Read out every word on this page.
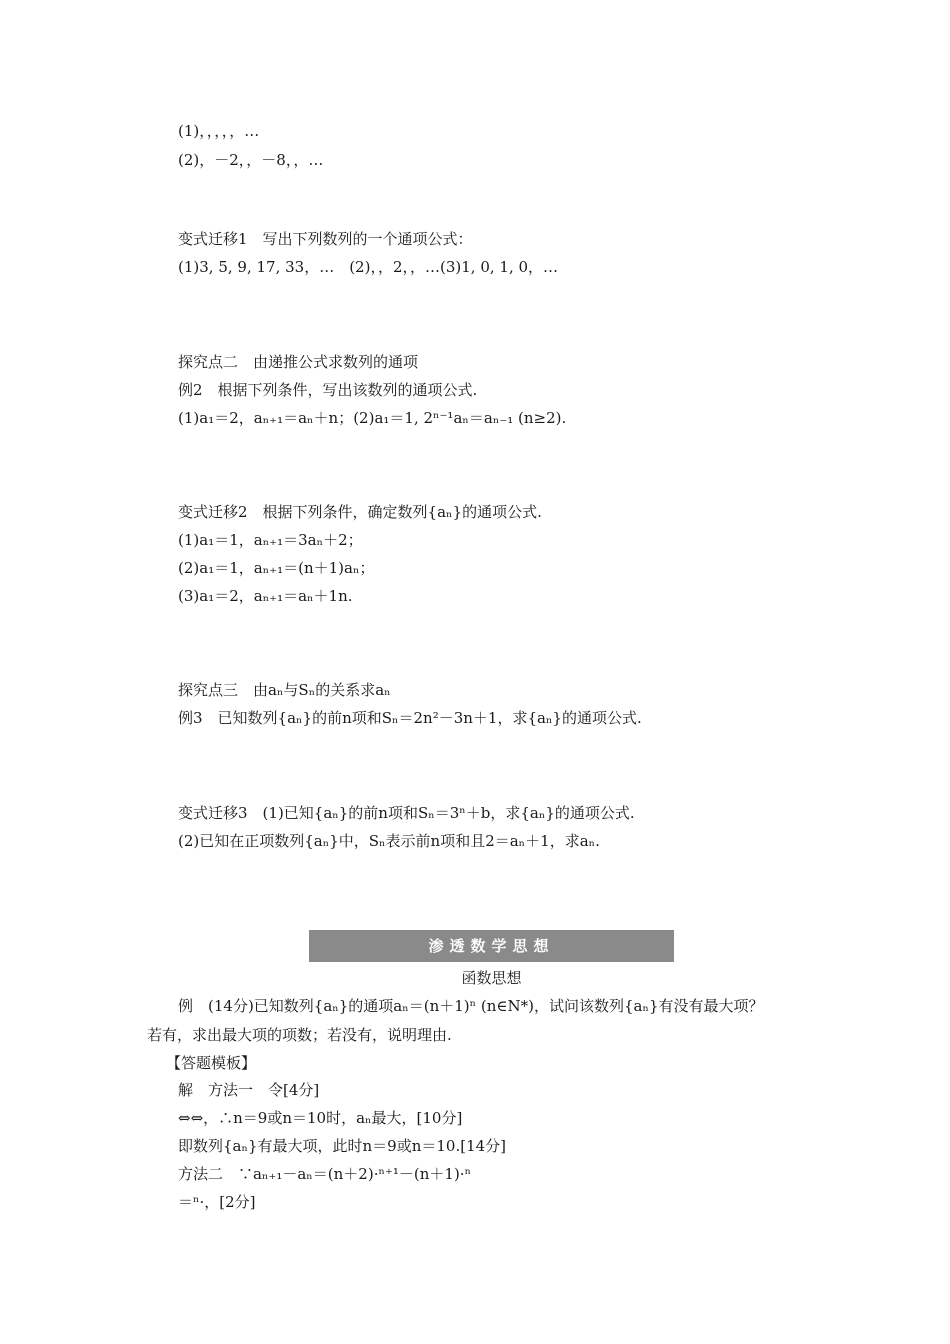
(1)，，，，，…
(2)，－2，，－8，，…
变式迁移1　写出下列数列的一个通项公式：
(1)3, 5, 9, 17, 33，…　(2)，，2，，…(3)1, 0, 1, 0，…
探究点二　由递推公式求数列的通项
例2　根据下列条件，写出该数列的通项公式.
(1)a₁＝2，aₙ₊₁＝aₙ＋n；(2)a₁＝1, 2ⁿ⁻¹aₙ＝aₙ₋₁ (n≥2).
变式迁移2　根据下列条件，确定数列{aₙ}的通项公式.
(1)a₁＝1，aₙ₊₁＝3aₙ＋2；
(2)a₁＝1，aₙ₊₁＝(n＋1)aₙ；
(3)a₁＝2，aₙ₊₁＝aₙ＋1n.
探究点三　由aₙ与Sₙ的关系求aₙ
例3　已知数列{aₙ}的前n项和Sₙ＝2n²－3n＋1，求{aₙ}的通项公式.
变式迁移3　(1)已知{aₙ}的前n项和Sₙ＝3ⁿ＋b，求{aₙ}的通项公式.
(2)已知在正项数列{aₙ}中，Sₙ表示前n项和且2＝aₙ＋1，求aₙ.
渗透数学思想
函数思想
例　(14分)已知数列{aₙ}的通项aₙ＝(n＋1)ⁿ (n∈N*)，试问该数列{aₙ}有没有最大项？
若有，求出最大项的项数；若没有，说明理由.
【答题模板】
解　方法一　令[4分]
⇔⇔，∴n＝9或n＝10时，aₙ最大，[10分]
即数列{aₙ}有最大项，此时n＝9或n＝10.[14分]
方法二　∵aₙ₊₁－aₙ＝(n＋2)·ⁿ⁺¹－(n＋1)·ⁿ
＝ⁿ·，[2分]
